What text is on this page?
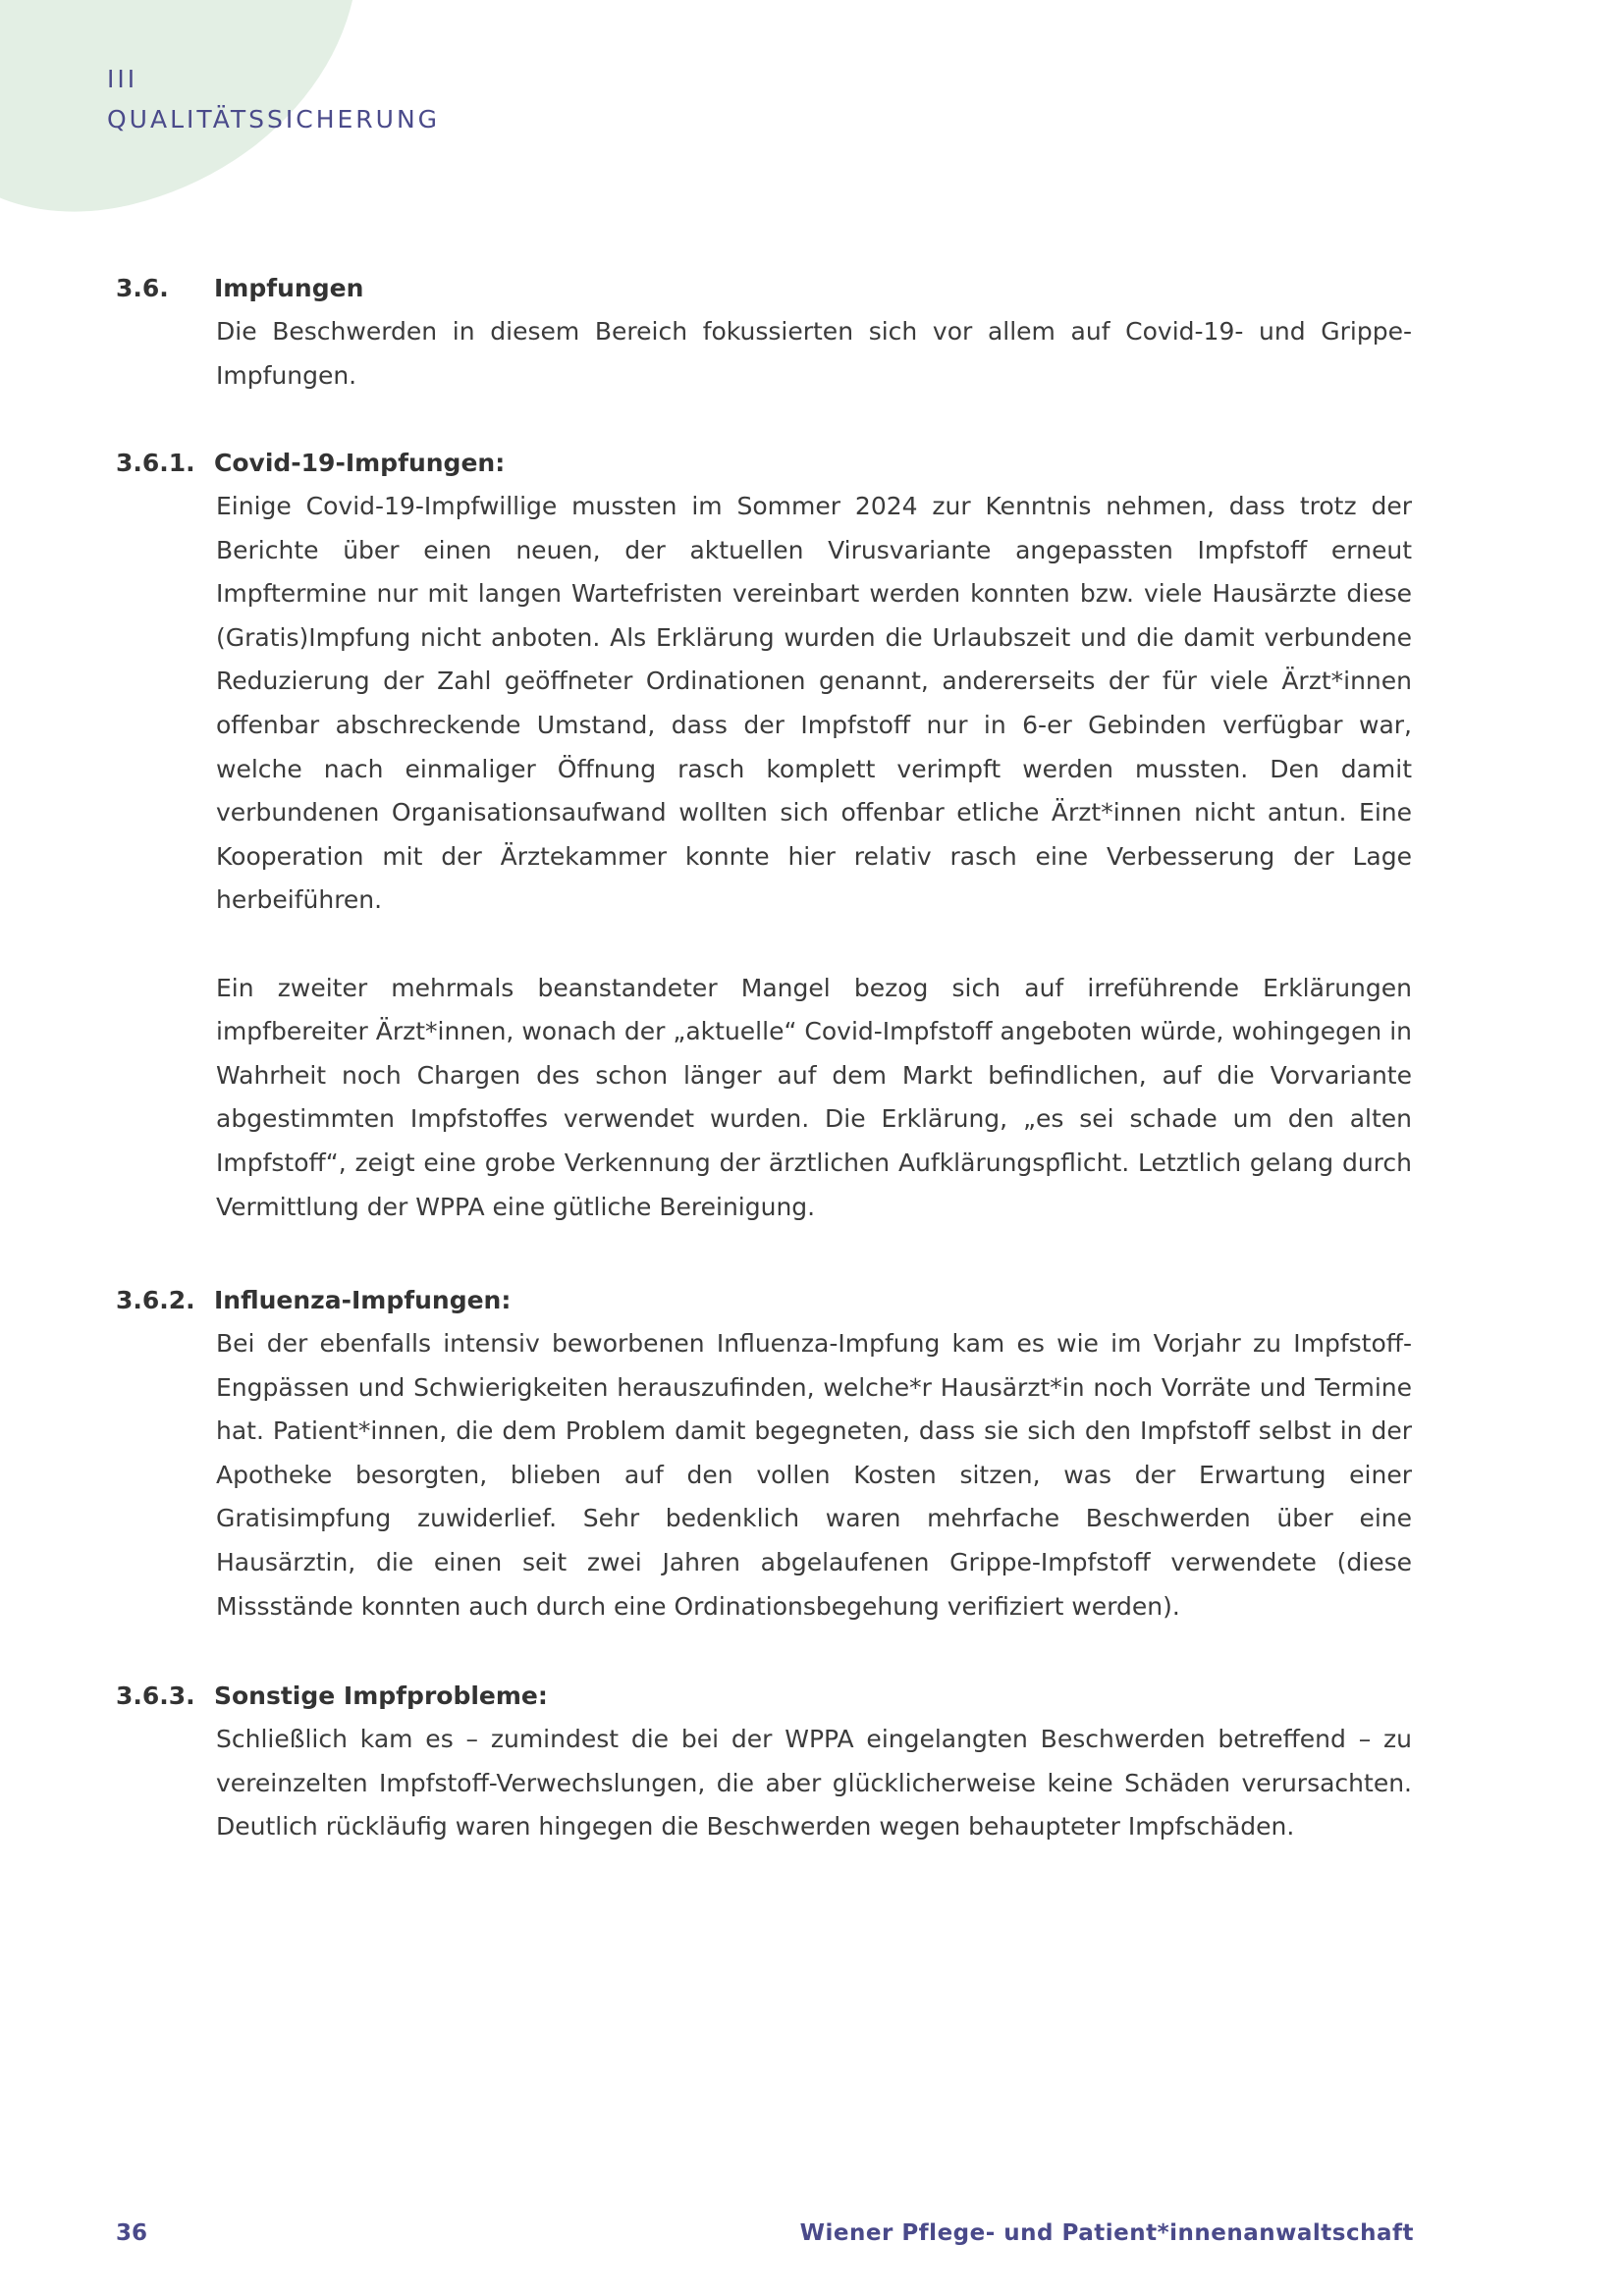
III
QUALITÄTSSICHERUNG
3.6. Impfungen

Die Beschwerden in diesem Bereich fokussierten sich vor allem auf Covid-19- und Grippe-Impfungen.

3.6.1. Covid-19-Impfungen:

Einige Covid-19-Impfwillige mussten im Sommer 2024 zur Kenntnis nehmen, dass trotz der Berichte über einen neuen, der aktuellen Virusvariante angepassten Impfstoff erneut Impftermine nur mit langen Wartefristen vereinbart werden konnten bzw. viele Hausärzte diese (Gratis)Impfung nicht anboten. Als Erklärung wurden die Urlaubszeit und die damit verbundene Reduzierung der Zahl geöffneter Ordinationen genannt, andererseits der für viele Ärzt*innen offenbar abschreckende Umstand, dass der Impfstoff nur in 6-er Gebinden verfügbar war, welche nach einmaliger Öffnung rasch komplett verimpft werden mussten. Den damit verbundenen Organisationsaufwand wollten sich offenbar etliche Ärzt*innen nicht antun. Eine Kooperation mit der Ärztekammer konnte hier relativ rasch eine Verbesserung der Lage herbeiführen.

Ein zweiter mehrmals beanstandeter Mangel bezog sich auf irreführende Erklärungen impfbereiter Ärzt*innen, wonach der „aktuelle“ Covid-Impfstoff angeboten würde, wohingegen in Wahrheit noch Chargen des schon länger auf dem Markt befindlichen, auf die Vorvariante abgestimmten Impfstoffes verwendet wurden. Die Erklärung, „es sei schade um den alten Impfstoff“, zeigt eine grobe Verkennung der ärztlichen Aufklärungspflicht. Letztlich gelang durch Vermittlung der WPPA eine gütliche Bereinigung.

3.6.2. Influenza-Impfungen:

Bei der ebenfalls intensiv beworbenen Influenza-Impfung kam es wie im Vorjahr zu Impfstoff-Engpässen und Schwierigkeiten herauszufinden, welche*r Hausärzt*in noch Vorräte und Termine hat. Patient*innen, die dem Problem damit begegneten, dass sie sich den Impfstoff selbst in der Apotheke besorgten, blieben auf den vollen Kosten sitzen, was der Erwartung einer Gratisimpfung zuwiderlief. Sehr bedenklich waren mehrfache Beschwerden über eine Hausärztin, die einen seit zwei Jahren abgelaufenen Grippe-Impfstoff verwendete (diese Missstände konnten auch durch eine Ordinationsbegehung verifiziert werden).

3.6.3. Sonstige Impfprobleme:

Schließlich kam es – zumindest die bei der WPPA eingelangten Beschwerden betreffend – zu vereinzelten Impfstoff-Verwechslungen, die aber glücklicherweise keine Schäden verursachten. Deutlich rückläufig waren hingegen die Beschwerden wegen behaupteter Impfschäden.

36	Wiener Pflege- und Patient*innenanwaltschaft
